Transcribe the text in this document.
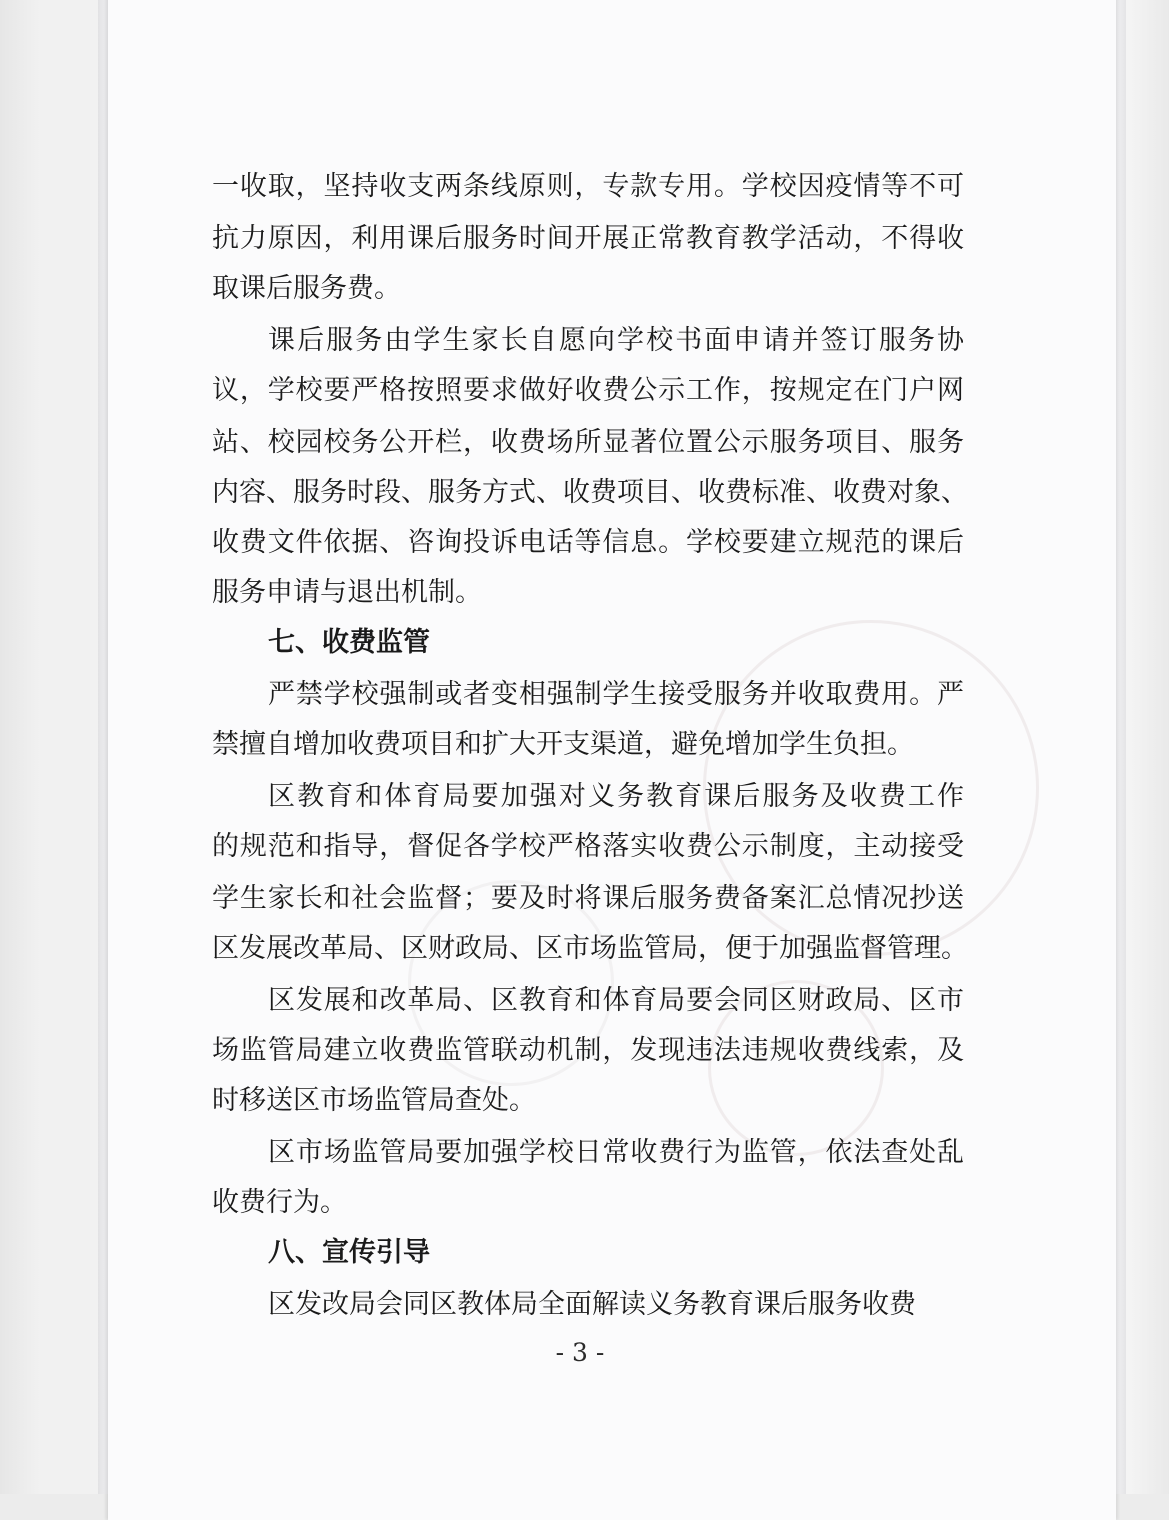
一收取，坚持收支两条线原则，专款专用。学校因疫情等不可
抗力原因，利用课后服务时间开展正常教育教学活动，不得收
取课后服务费。
课后服务由学生家长自愿向学校书面申请并签订服务协
议，学校要严格按照要求做好收费公示工作，按规定在门户网
站、校园校务公开栏，收费场所显著位置公示服务项目、服务
内容、服务时段、服务方式、收费项目、收费标准、收费对象、
收费文件依据、咨询投诉电话等信息。学校要建立规范的课后
服务申请与退出机制。
七、收费监管
严禁学校强制或者变相强制学生接受服务并收取费用。严
禁擅自增加收费项目和扩大开支渠道，避免增加学生负担。
区教育和体育局要加强对义务教育课后服务及收费工作
的规范和指导，督促各学校严格落实收费公示制度，主动接受
学生家长和社会监督；要及时将课后服务费备案汇总情况抄送
区发展改革局、区财政局、区市场监管局，便于加强监督管理。
区发展和改革局、区教育和体育局要会同区财政局、区市
场监管局建立收费监管联动机制，发现违法违规收费线索，及
时移送区市场监管局查处。
区市场监管局要加强学校日常收费行为监管，依法查处乱
收费行为。
八、宣传引导
区发改局会同区教体局全面解读义务教育课后服务收费
- 3 -
